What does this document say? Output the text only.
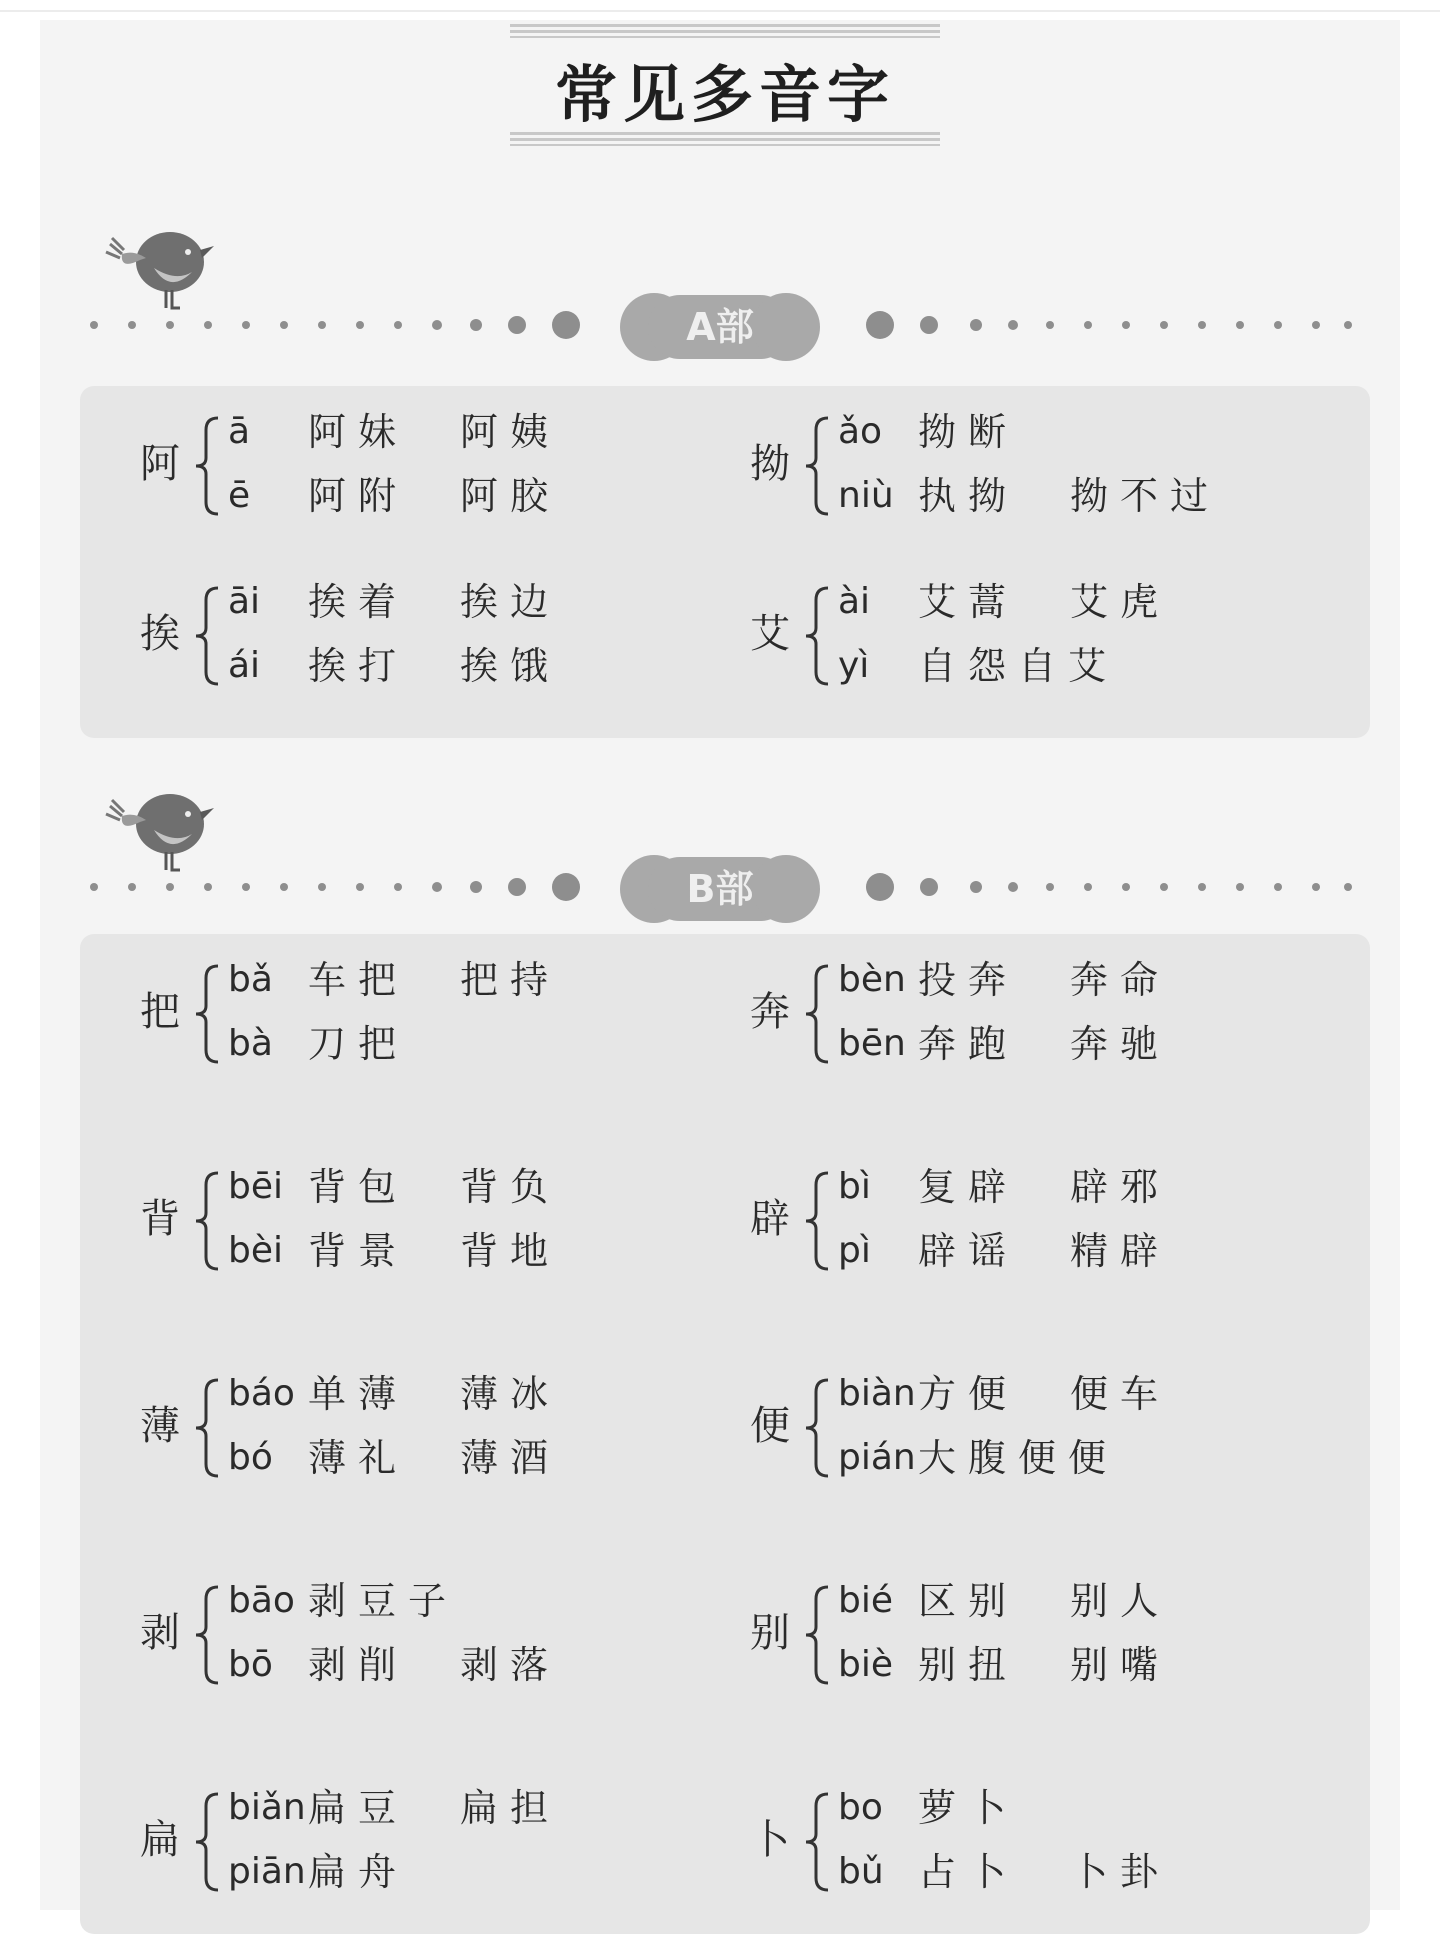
常见多音字
A部
阿
ā 阿妹 阿姨
ē 阿附 阿胶
拗
ǎo 拗断
niù 执拗 拗不过
挨
āi 挨着 挨边
ái 挨打 挨饿
艾
ài 艾蒿 艾虎
yì 自怨自艾
B部
把
bǎ 车把 把持
bà 刀把
奔
bèn 投奔 奔命
bēn 奔跑 奔驰
背
bēi 背包 背负
bèi 背景 背地
辟
bì 复辟 辟邪
pì 辟谣 精辟
薄
báo 单薄 薄冰
bó 薄礼 薄酒
便
biàn 方便 便车
pián 大腹便便
剥
bāo 剥豆子
bō 剥削 剥落
别
bié 区别 别人
biè 别扭 别嘴
扁
biǎn 扁豆 扁担
piān 扁舟
卜
bo 萝卜
bǔ 占卜 卜卦
